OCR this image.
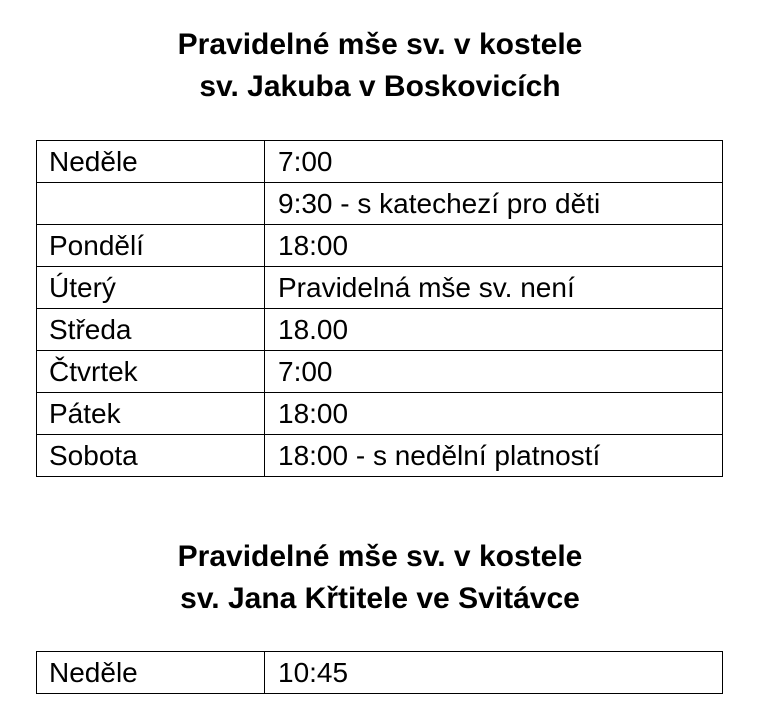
Pravidelné mše sv. v kostele
sv. Jakuba v Boskovicích
Neděle	7:00
	9:30 - s katechezí pro děti
Pondělí	18:00
Úterý	Pravidelná mše sv. není
Středa	18.00
Čtvrtek	7:00
Pátek	18:00
Sobota	18:00 - s nedělní platností
Pravidelné mše sv. v kostele
sv. Jana Křtitele ve Svitávce
Neděle	10:45
